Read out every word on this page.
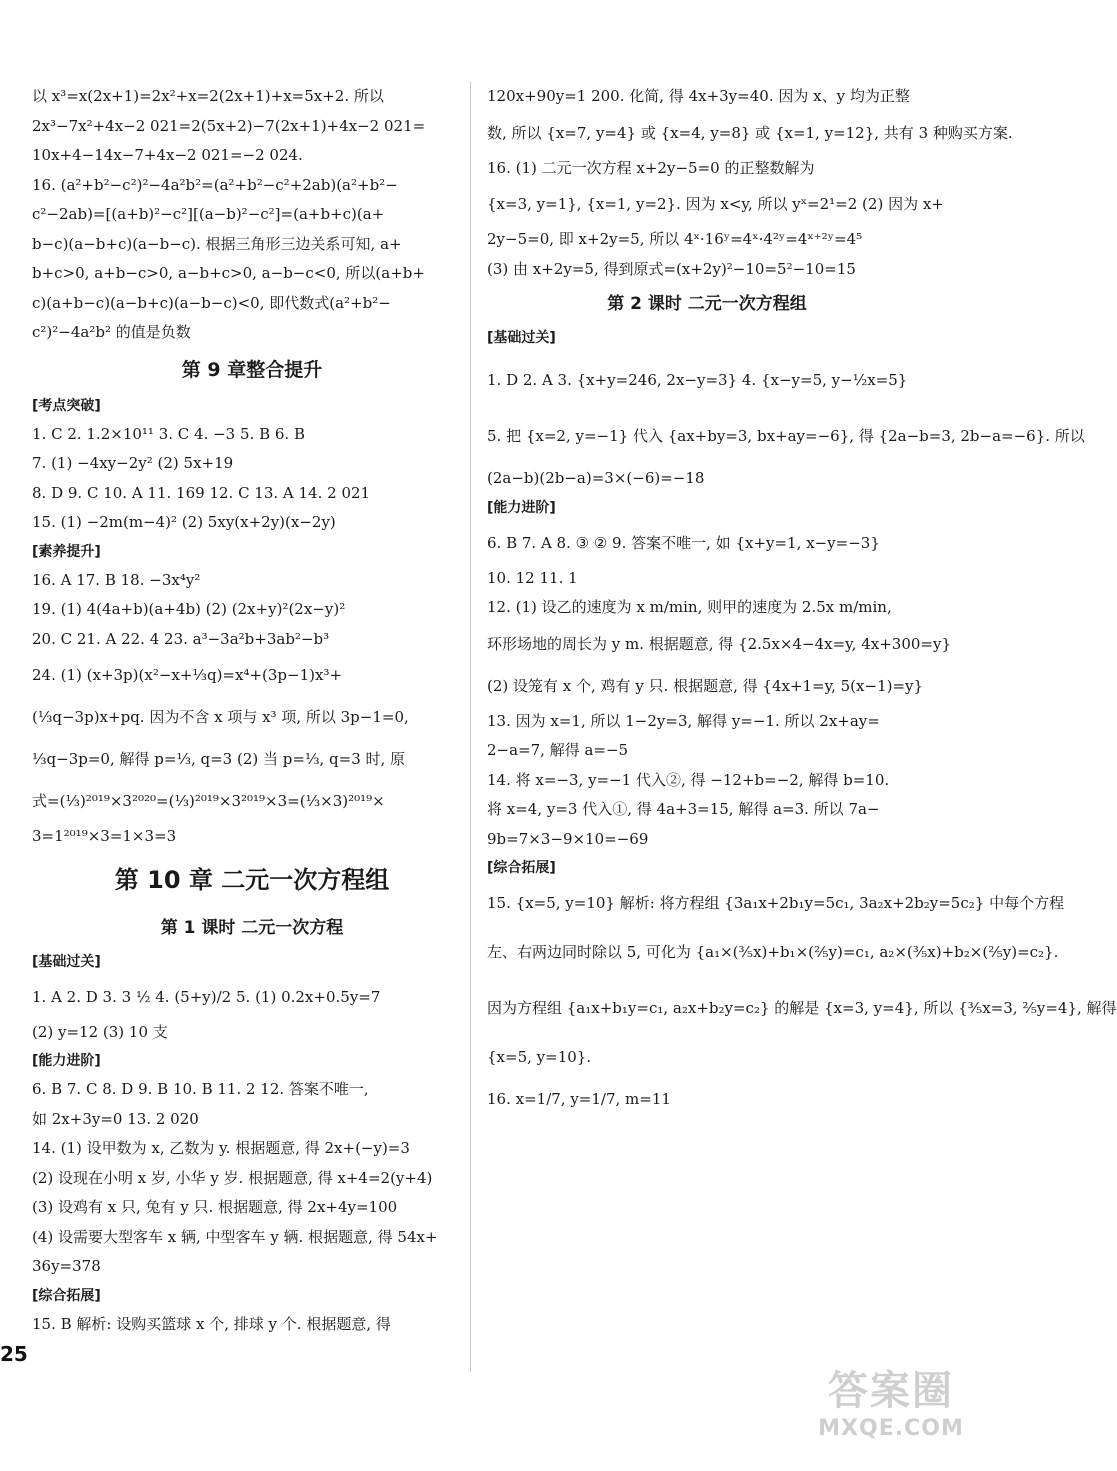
以 x³=x(2x+1)=2x²+x=2(2x+1)+x=5x+2. 所以
2x³−7x²+4x−2 021=2(5x+2)−7(2x+1)+4x−2 021=
10x+4−14x−7+4x−2 021=−2 024.
16. (a²+b²−c²)²−4a²b²=(a²+b²−c²+2ab)(a²+b²−
c²−2ab)=[(a+b)²−c²][(a−b)²−c²]=(a+b+c)(a+
b−c)(a−b+c)(a−b−c). 根据三角形三边关系可知, a+
b+c>0, a+b−c>0, a−b+c>0, a−b−c<0, 所以(a+b+
c)(a+b−c)(a−b+c)(a−b−c)<0, 即代数式(a²+b²−
c²)²−4a²b² 的值是负数
第 9 章整合提升
[考点突破]
1. C 2. 1.2×10¹¹ 3. C 4. −3 5. B 6. B
7. (1) −4xy−2y² (2) 5x+19
8. D 9. C 10. A 11. 169 12. C 13. A 14. 2 021
15. (1) −2m(m−4)² (2) 5xy(x+2y)(x−2y)
[素养提升]
16. A 17. B 18. −3x⁴y²
19. (1) 4(4a+b)(a+4b) (2) (2x+y)²(2x−y)²
20. C 21. A 22. 4 23. a³−3a²b+3ab²−b³
24. (1) (x+3p)(x²−x+⅓q)=x⁴+(3p−1)x³+
(⅓q−3p)x+pq. 因为不含 x 项与 x³ 项, 所以 3p−1=0,
⅓q−3p=0, 解得 p=⅓, q=3 (2) 当 p=⅓, q=3 时, 原
式=(⅓)²⁰¹⁹×3²⁰²⁰=(⅓)²⁰¹⁹×3²⁰¹⁹×3=(⅓×3)²⁰¹⁹×
3=1²⁰¹⁹×3=1×3=3
第 10 章 二元一次方程组
第 1 课时 二元一次方程
[基础过关]
1. A 2. D 3. 3 ½ 4. (5+y)/2 5. (1) 0.2x+0.5y=7
(2) y=12 (3) 10 支
[能力进阶]
6. B 7. C 8. D 9. B 10. B 11. 2 12. 答案不唯一,
如 2x+3y=0 13. 2 020
14. (1) 设甲数为 x, 乙数为 y. 根据题意, 得 2x+(−y)=3
(2) 设现在小明 x 岁, 小华 y 岁. 根据题意, 得 x+4=2(y+4)
(3) 设鸡有 x 只, 兔有 y 只. 根据题意, 得 2x+4y=100
(4) 设需要大型客车 x 辆, 中型客车 y 辆. 根据题意, 得 54x+
36y=378
[综合拓展]
15. B 解析: 设购买篮球 x 个, 排球 y 个. 根据题意, 得
120x+90y=1 200. 化简, 得 4x+3y=40. 因为 x、y 均为正整
数, 所以 {x=7, y=4} 或 {x=4, y=8} 或 {x=1, y=12}, 共有 3 种购买方案.
16. (1) 二元一次方程 x+2y−5=0 的正整数解为
{x=3, y=1}, {x=1, y=2}. 因为 x<y, 所以 yˣ=2¹=2 (2) 因为 x+
2y−5=0, 即 x+2y=5, 所以 4ˣ·16ʸ=4ˣ·4²ʸ=4ˣ⁺²ʸ=4⁵
(3) 由 x+2y=5, 得到原式=(x+2y)²−10=5²−10=15
第 2 课时 二元一次方程组
[基础过关]
1. D 2. A 3. {x+y=246, 2x−y=3} 4. {x−y=5, y−½x=5}
5. 把 {x=2, y=−1} 代入 {ax+by=3, bx+ay=−6}, 得 {2a−b=3, 2b−a=−6}. 所以
(2a−b)(2b−a)=3×(−6)=−18
[能力进阶]
6. B 7. A 8. ③ ② 9. 答案不唯一, 如 {x+y=1, x−y=−3}
10. 12 11. 1
12. (1) 设乙的速度为 x m/min, 则甲的速度为 2.5x m/min,
环形场地的周长为 y m. 根据题意, 得 {2.5x×4−4x=y, 4x+300=y}
(2) 设笼有 x 个, 鸡有 y 只. 根据题意, 得 {4x+1=y, 5(x−1)=y}
13. 因为 x=1, 所以 1−2y=3, 解得 y=−1. 所以 2x+ay=
2−a=7, 解得 a=−5
14. 将 x=−3, y=−1 代入②, 得 −12+b=−2, 解得 b=10.
将 x=4, y=3 代入①, 得 4a+3=15, 解得 a=3. 所以 7a−
9b=7×3−9×10=−69
[综合拓展]
15. {x=5, y=10} 解析: 将方程组 {3a₁x+2b₁y=5c₁, 3a₂x+2b₂y=5c₂} 中每个方程
左、右两边同时除以 5, 可化为 {a₁×(⅗x)+b₁×(⅖y)=c₁, a₂×(⅗x)+b₂×(⅖y)=c₂}.
因为方程组 {a₁x+b₁y=c₁, a₂x+b₂y=c₂} 的解是 {x=3, y=4}, 所以 {⅗x=3, ⅖y=4}, 解得
{x=5, y=10}.
16. x=1/7, y=1/7, m=11
25
答案圈
MXQE.COM
